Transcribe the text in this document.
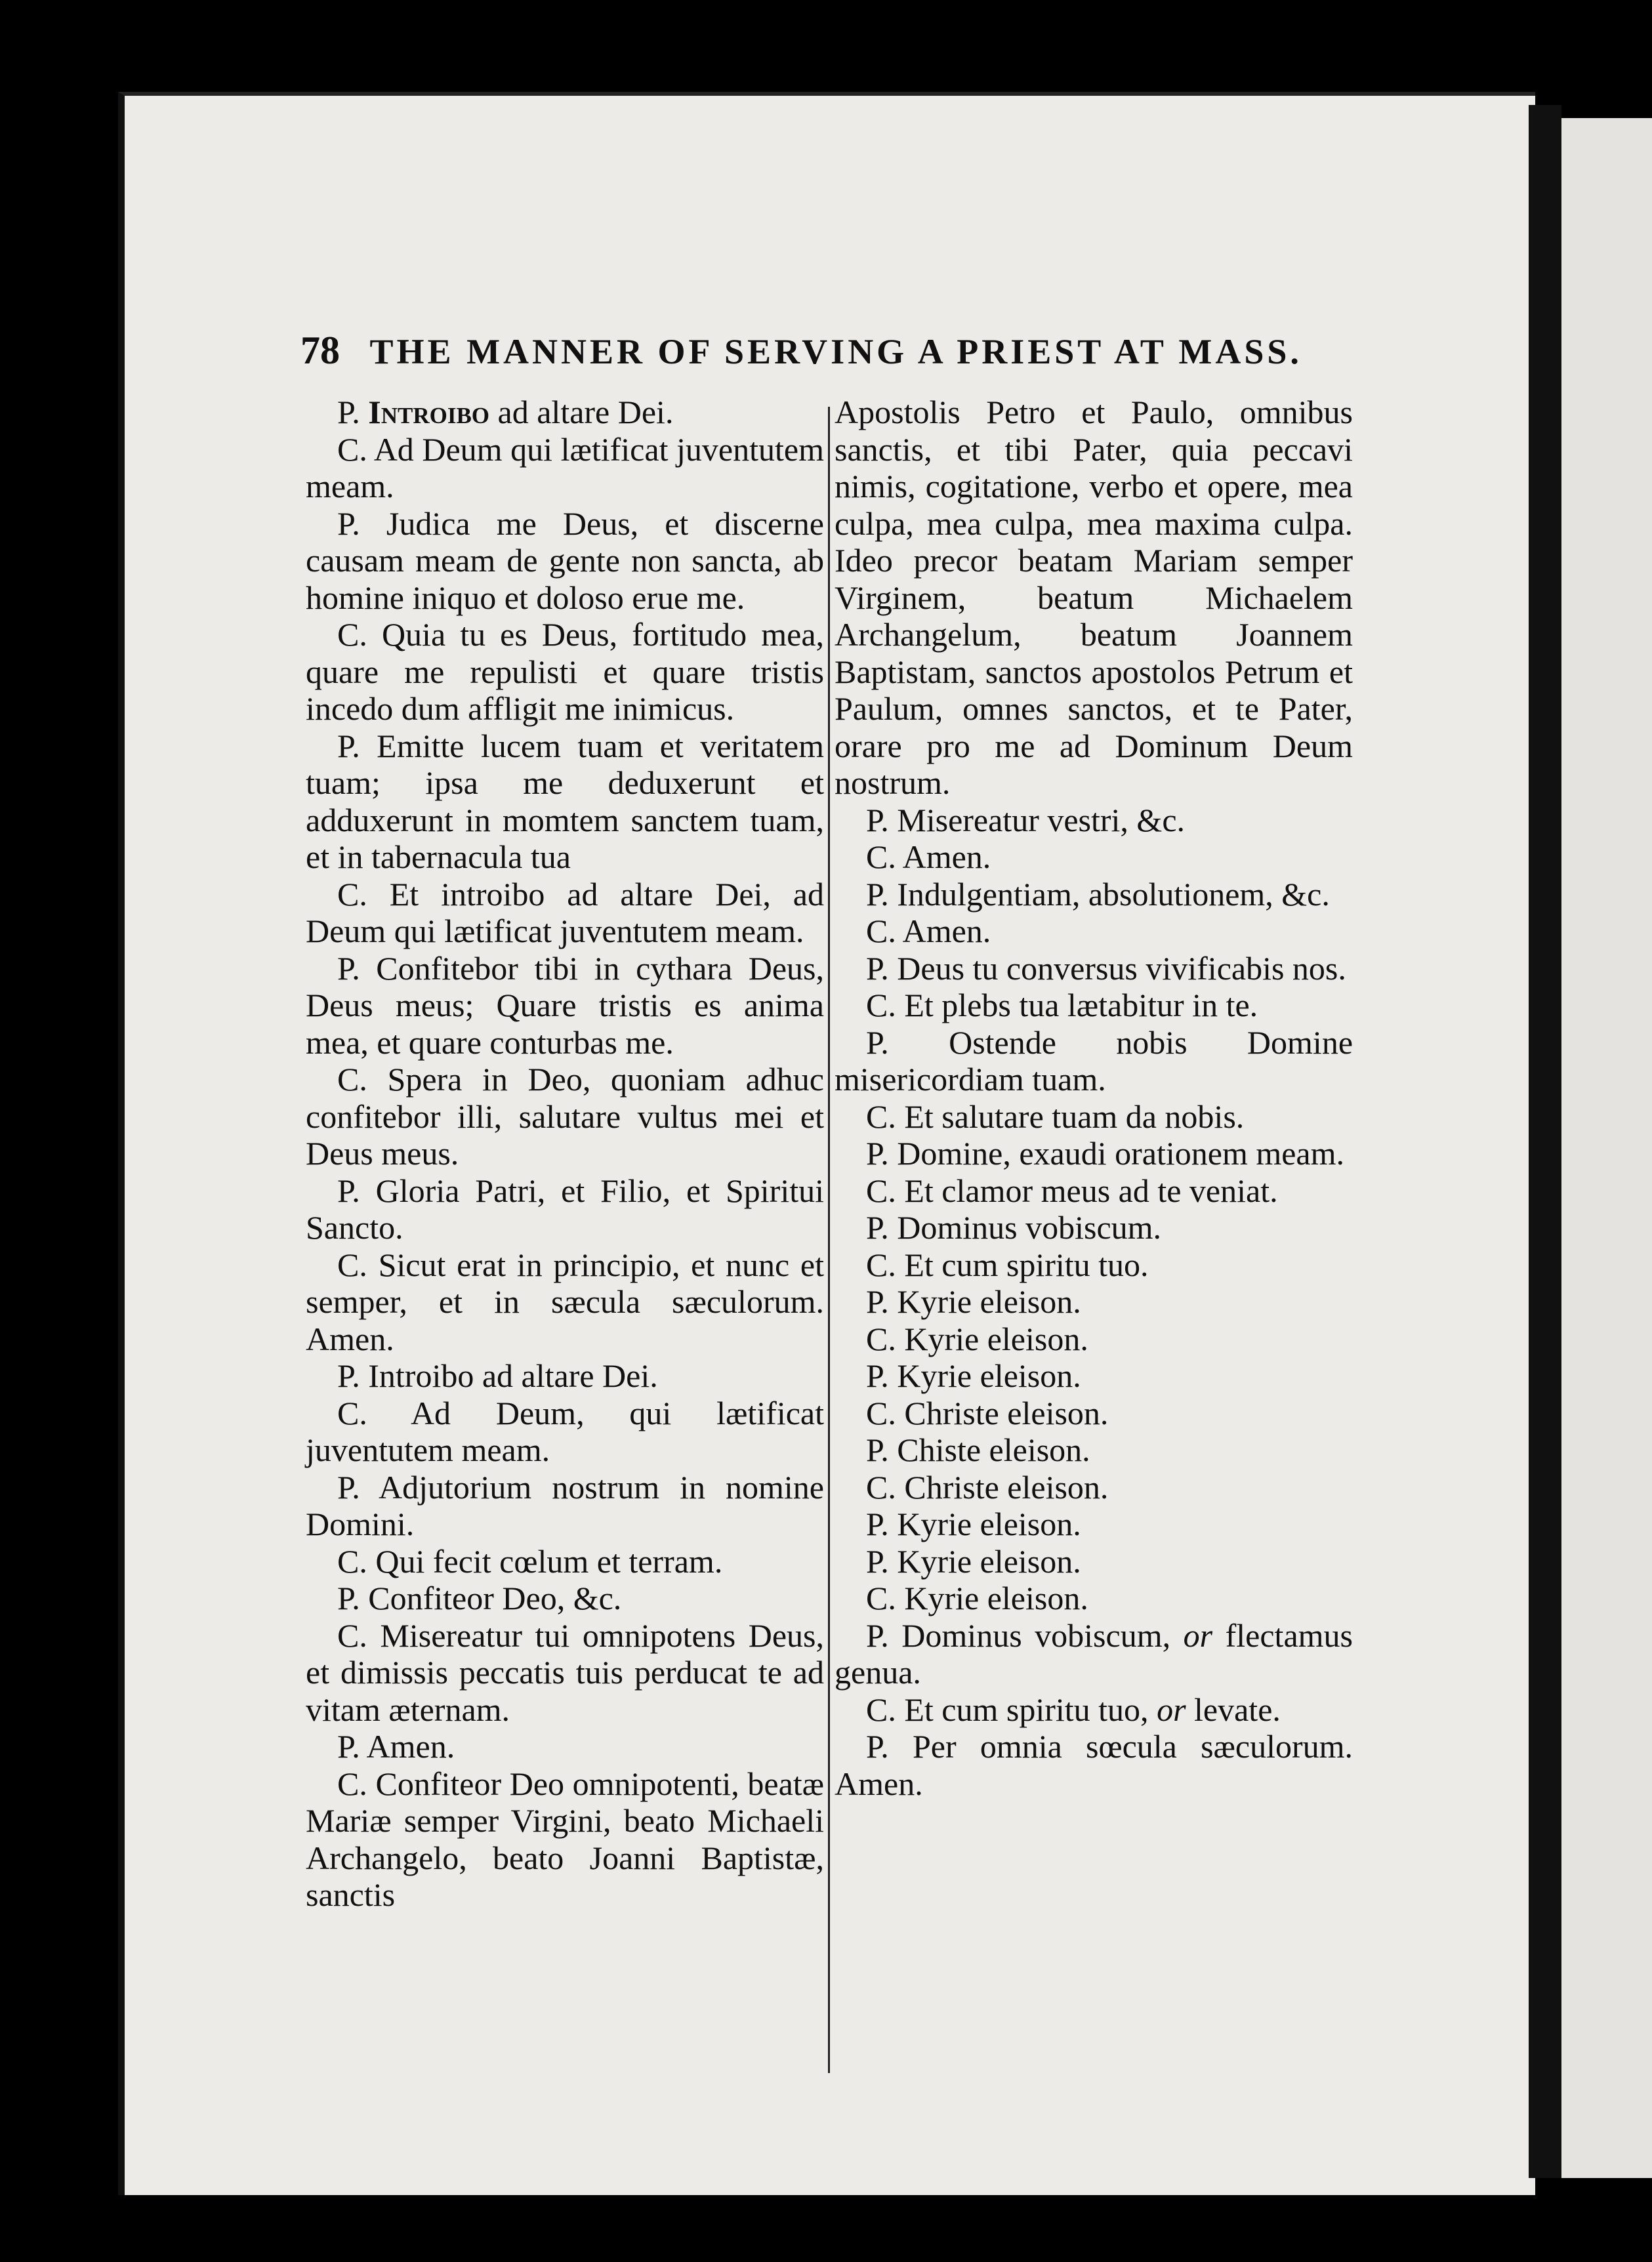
78 THE MANNER OF SERVING A PRIEST AT MASS.

P. Introibo ad altare Dei.

C. Ad Deum qui lætificat juventutem meam.

P. Judica me Deus, et discerne causam meam de gente non sancta, ab homine iniquo et doloso erue me.

C. Quia tu es Deus, fortitudo mea, quare me repulisti et quare tristis incedo dum affligit me inimicus.

P. Emitte lucem tuam et veritatem tuam; ipsa me deduxerunt et adduxerunt in momtem sanctem tuam, et in tabernacula tua

C. Et introibo ad altare Dei, ad Deum qui lætificat juventutem meam.

P. Confitebor tibi in cythara Deus, Deus meus; Quare tristis es anima mea, et quare conturbas me.

C. Spera in Deo, quoniam adhuc confitebor illi, salutare vultus mei et Deus meus.

P. Gloria Patri, et Filio, et Spiritui Sancto.

C. Sicut erat in principio, et nunc et semper, et in sæcula sæculorum. Amen.

P. Introibo ad altare Dei.

C. Ad Deum, qui lætificat juventutem meam.

P. Adjutorium nostrum in nomine Domini.

C. Qui fecit cœlum et terram.

P. Confiteor Deo, &c.

C. Misereatur tui omnipotens Deus, et dimissis peccatis tuis perducat te ad vitam æternam.

P. Amen.

C. Confiteor Deo omnipotenti, beatæ Mariæ semper Virgini, beato Michaeli Archangelo, beato Joanni Baptistæ, sanctis

Apostolis Petro et Paulo, omnibus sanctis, et tibi Pater, quia peccavi nimis, cogitatione, verbo et opere, mea culpa, mea culpa, mea maxima culpa. Ideo precor beatam Mariam semper Virginem, beatum Michaelem Archangelum, beatum Joannem Baptistam, sanctos apostolos Petrum et Paulum, omnes sanctos, et te Pater, orare pro me ad Dominum Deum nostrum.

P. Misereatur vestri, &c.

C. Amen.

P. Indulgentiam, absolutionem, &c.

C. Amen.

P. Deus tu conversus vivificabis nos.

C. Et plebs tua lætabitur in te.

P. Ostende nobis Domine misericordiam tuam.

C. Et salutare tuam da nobis.

P. Domine, exaudi orationem meam.

C. Et clamor meus ad te veniat.

P. Dominus vobiscum.

C. Et cum spiritu tuo.

P. Kyrie eleison.

C. Kyrie eleison.

P. Kyrie eleison.

C. Christe eleison.

P. Chiste eleison.

C. Christe eleison.

P. Kyrie eleison.

P. Kyrie eleison.

C. Kyrie eleison.

P. Dominus vobiscum, or flectamus genua.

C. Et cum spiritu tuo, or levate.

P. Per omnia sœcula sæculorum. Amen.
